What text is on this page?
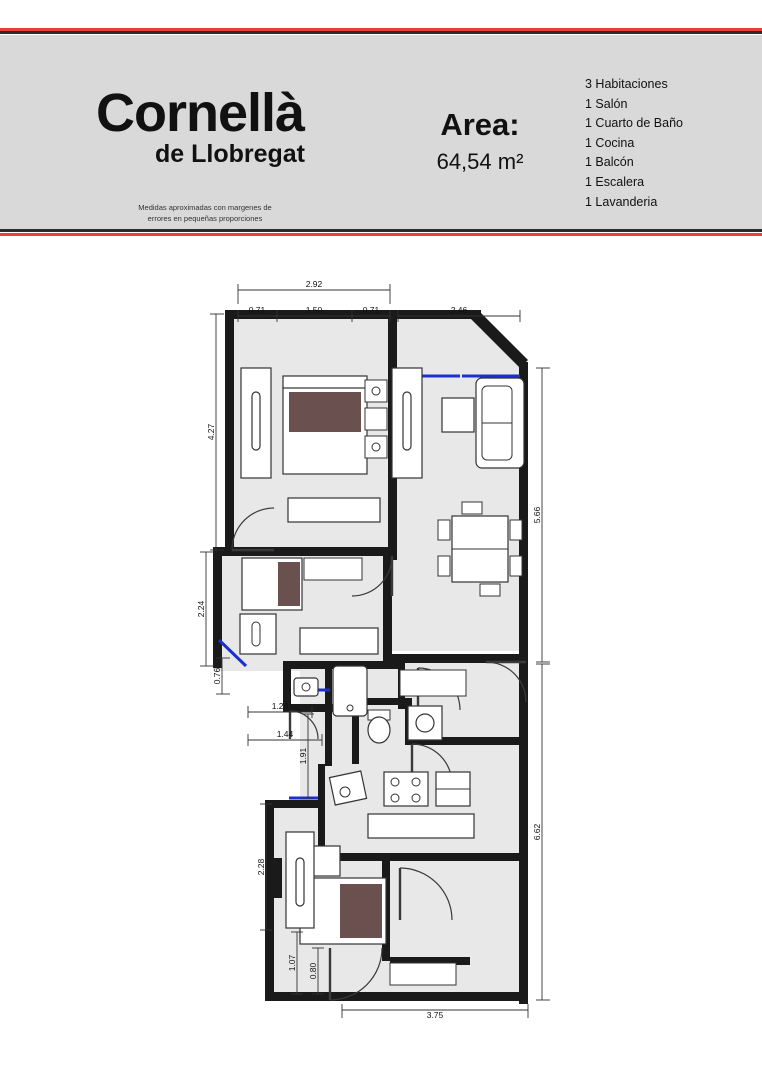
Cornellà
de Llobregat
Medidas aproximadas con margenes de
errores en pequeñas proporciones
Area:
64,54 m²
3 Habitaciones
1 Salón
1 Cuarto de Baño
1 Cocina
1 Balcón
1 Escalera
1 Lavanderia
2.92
0.71	1.50	0.71	2.46
4.27
2.24
0.76
1.23
1.44
1.91
2.28
1.07 0.80
5.66
6.62
3.75
